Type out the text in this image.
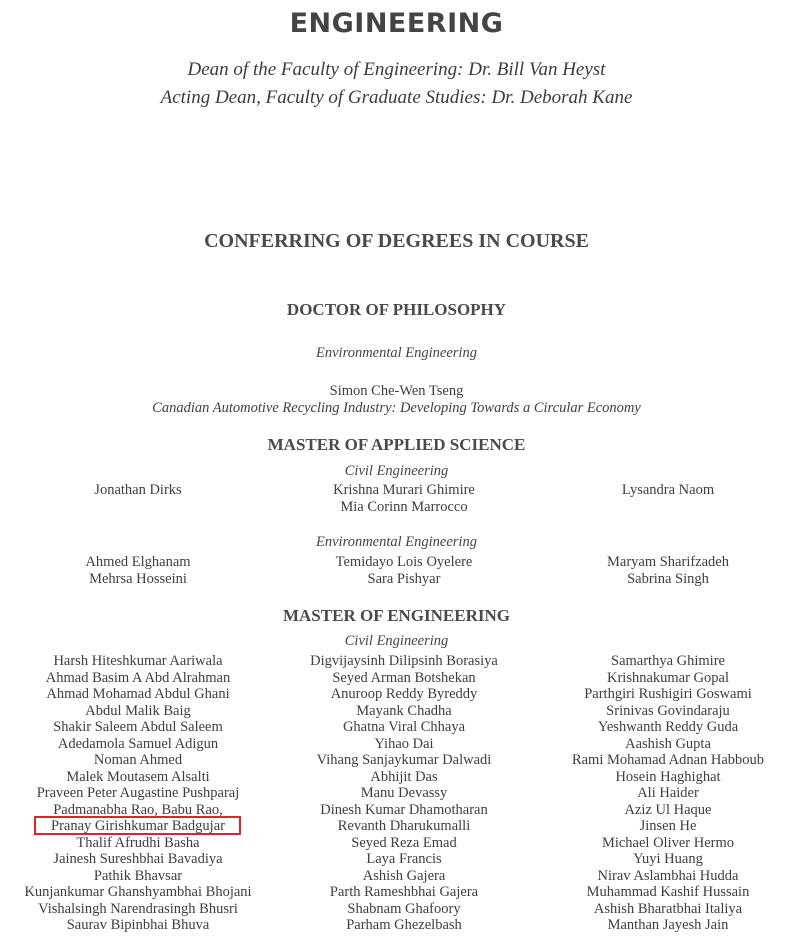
ENGINEERING
Dean of the Faculty of Engineering: Dr. Bill Van Heyst
Acting Dean, Faculty of Graduate Studies: Dr. Deborah Kane
CONFERRING OF DEGREES IN COURSE
DOCTOR OF PHILOSOPHY
Environmental Engineering
Simon Che-Wen Tseng
Canadian Automotive Recycling Industry: Developing Towards a Circular Economy
MASTER OF APPLIED SCIENCE
Civil Engineering
Jonathan Dirks	Krishna Murari Ghimire
Mia Corinn Marrocco
Lysandra Naom
Environmental Engineering
Ahmed Elghanam
Mehrsa Hosseini
Temidayo Lois Oyelere
Sara Pishyar
Maryam Sharifzadeh
Sabrina Singh
MASTER OF ENGINEERING
Civil Engineering
Harsh Hiteshkumar Aariwala
Ahmad Basim A Abd Alrahman
Ahmad Mohamad Abdul Ghani
Abdul Malik Baig
Shakir Saleem Abdul Saleem
Adedamola Samuel Adigun
Noman Ahmed
Malek Moutasem Alsalti
Praveen Peter Augastine Pushparaj
Padmanabha Rao, Babu Rao,
Pranay Girishkumar Badgujar
Thalif Afrudhi Basha
Jainesh Sureshbhai Bavadiya
Pathik Bhavsar
Kunjankumar Ghanshyambhai Bhojani
Vishalsingh Narendrasingh Bhusri
Saurav Bipinbhai Bhuva
Digvijaysinh Dilipsinh Borasiya
Seyed Arman Botshekan
Anuroop Reddy Byreddy
Mayank Chadha
Ghatna Viral Chhaya
Yihao Dai
Vihang Sanjaykumar Dalwadi
Abhijit Das
Manu Devassy
Dinesh Kumar Dhamotharan
Revanth Dharukumalli
Seyed Reza Emad
Laya Francis
Ashish Gajera
Parth Rameshbhai Gajera
Shabnam Ghafoory
Parham Ghezelbash
Samarthya Ghimire
Krishnakumar Gopal
Parthgiri Rushigiri Goswami
Srinivas Govindaraju
Yeshwanth Reddy Guda
Aashish Gupta
Rami Mohamad Adnan Habboub
Hosein Haghighat
Ali Haider
Aziz Ul Haque
Jinsen He
Michael Oliver Hermo
Yuyi Huang
Nirav Aslambhai Hudda
Muhammad Kashif Hussain
Ashish Bharatbhai Italiya
Manthan Jayesh Jain
